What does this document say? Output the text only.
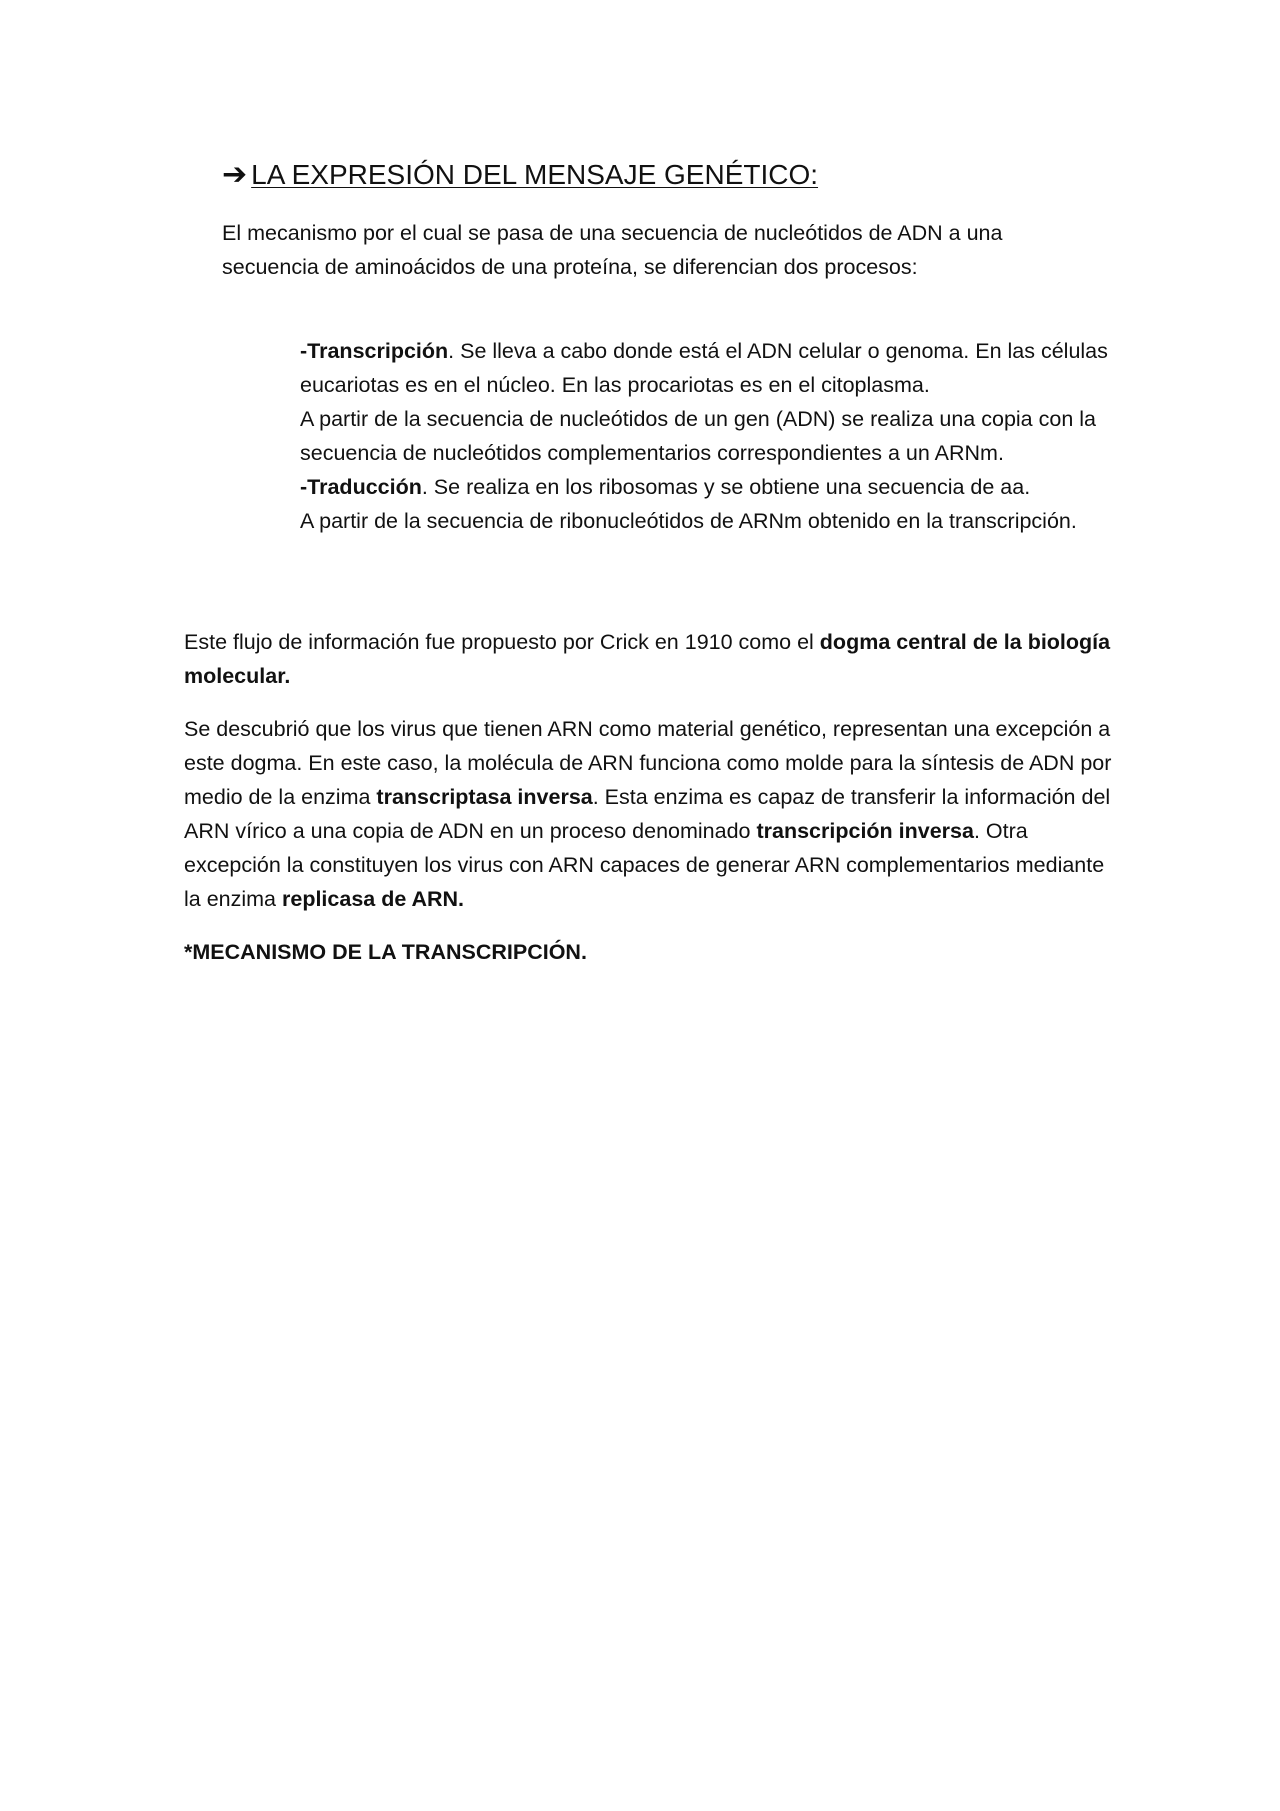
➔ LA EXPRESIÓN DEL MENSAJE GENÉTICO:

El mecanismo por el cual se pasa de una secuencia de nucleótidos de ADN a una secuencia de aminoácidos de una proteína, se diferencian dos procesos:

-Transcripción. Se lleva a cabo donde está el ADN celular o genoma. En las células eucariotas es en el núcleo. En las procariotas es en el citoplasma.

A partir de la secuencia de nucleótidos de un gen (ADN) se realiza una copia con la secuencia de nucleótidos complementarios correspondientes a un ARNm.

-Traducción. Se realiza en los ribosomas y se obtiene una secuencia de aa.

A partir de la secuencia de ribonucleótidos de ARNm obtenido en la transcripción.

Este flujo de información fue propuesto por Crick en 1910 como el dogma central de la biología molecular.

Se descubrió que los virus que tienen ARN como material genético, representan una excepción a este dogma. En este caso, la molécula de ARN funciona como molde para la síntesis de ADN por medio de la enzima transcriptasa inversa. Esta enzima es capaz de transferir la información del ARN vírico a una copia de ADN en un proceso denominado transcripción inversa. Otra excepción la constituyen los virus con ARN capaces de generar ARN complementarios mediante la enzima replicasa de ARN.

*MECANISMO DE LA TRANSCRIPCIÓN.
